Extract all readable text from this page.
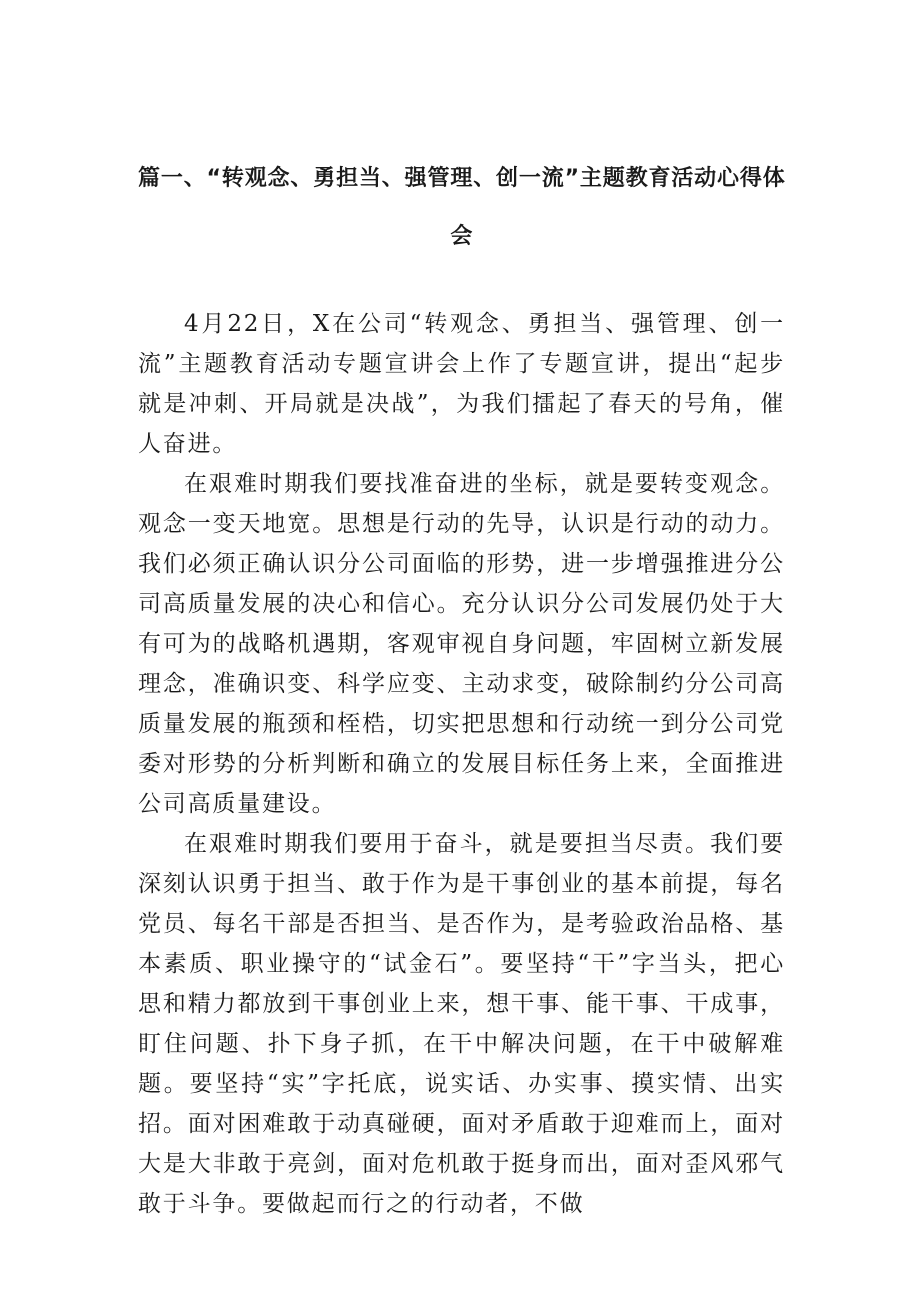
篇一、“转观念、勇担当、强管理、创一流”主题教育活动心得体会

4月22日，X在公司“转观念、勇担当、强管理、创一流”主题教育活动专题宣讲会上作了专题宣讲，提出“起步就是冲刺、开局就是决战”，为我们擂起了春天的号角，催人奋进。

在艰难时期我们要找准奋进的坐标，就是要转变观念。观念一变天地宽。思想是行动的先导，认识是行动的动力。我们必须正确认识分公司面临的形势，进一步增强推进分公司高质量发展的决心和信心。充分认识分公司发展仍处于大有可为的战略机遇期，客观审视自身问题，牢固树立新发展理念，准确识变、科学应变、主动求变，破除制约分公司高质量发展的瓶颈和桎梏，切实把思想和行动统一到分公司党委对形势的分析判断和确立的发展目标任务上来，全面推进公司高质量建设。

在艰难时期我们要用于奋斗，就是要担当尽责。我们要深刻认识勇于担当、敢于作为是干事创业的基本前提，每名党员、每名干部是否担当、是否作为，是考验政治品格、基本素质、职业操守的“试金石”。要坚持“干”字当头，把心思和精力都放到干事创业上来，想干事、能干事、干成事，盯住问题、扑下身子抓，在干中解决问题，在干中破解难题。要坚持“实”字托底，说实话、办实事、摸实情、出实招。面对困难敢于动真碰硬，面对矛盾敢于迎难而上，面对大是大非敢于亮剑，面对危机敢于挺身而出，面对歪风邪气敢于斗争。要做起而行之的行动者，不做
